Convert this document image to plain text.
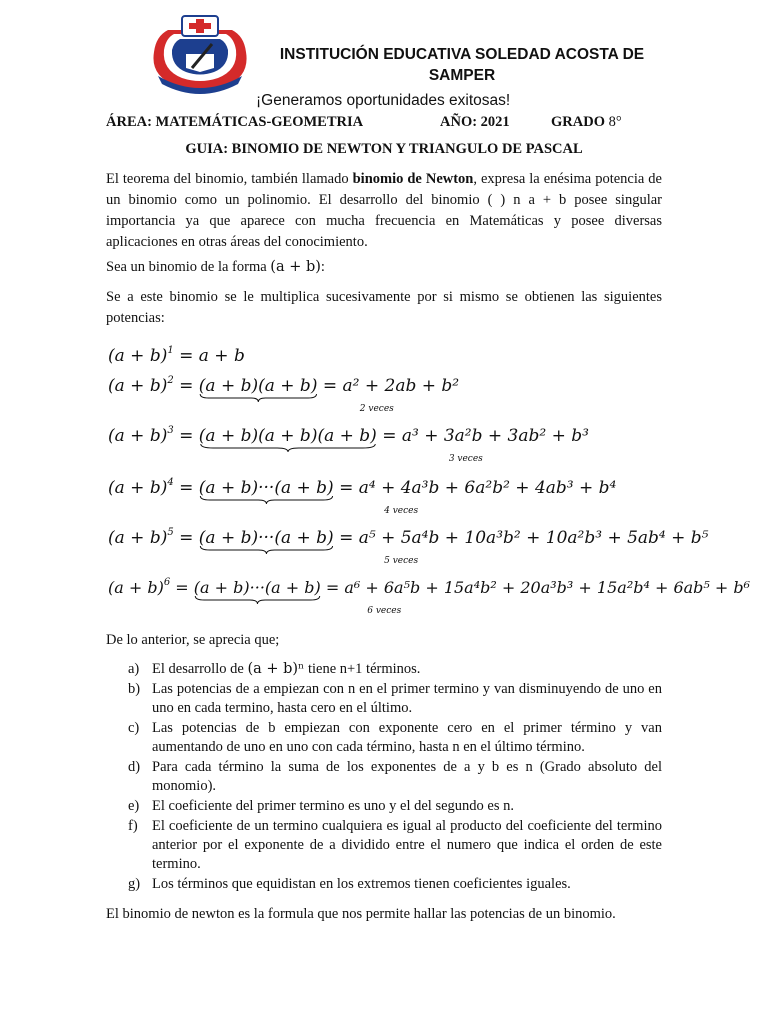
INSTITUCIÓN EDUCATIVA SOLEDAD ACOSTA DE
SAMPER
¡Generamos oportunidades exitosas!
ÁREA: MATEMÁTICAS-GEOMETRIA	AÑO: 2021	GRADO 8°
GUIA: BINOMIO DE NEWTON Y TRIANGULO DE PASCAL

El teorema del binomio, también llamado binomio de Newton, expresa la enésima potencia de un binomio como un polinomio. El desarrollo del binomio ( ) n a + b posee singular importancia ya que aparece con mucha frecuencia en Matemáticas y posee diversas aplicaciones en otras áreas del conocimiento.

Sea un binomio de la forma (a + b):

Se a este binomio se le multiplica sucesivamente por si mismo se obtienen las siguientes potencias:

$(a + b)^1 = a + b$
$(a + b)^2 = (a + b)(a + b)$
2 veces
= a² + 2ab + b²
$(a + b)^3 = (a + b)(a + b)(a + b)$
3 veces
= a³ + 3a²b + 3ab² + b³
$(a + b)^4 = (a + b)\cdot\cdot\cdot(a + b)$
4 veces
= a⁴ + 4a³b + 6a²b² + 4ab³ + b⁴
$(a + b)^5 = (a + b)\cdot\cdot\cdot(a + b)$
5 veces
= a⁵ + 5a⁴b + 10a³b² + 10a²b³ + 5ab⁴ + b⁵
$(a + b)^6 = (a + b)\cdot\cdot\cdot(a + b)$
6 veces
= a⁶ + 6a⁵b + 15a⁴b² + 20a³b³ + 15a²b⁴ + 6ab⁵ + b⁶

De lo anterior, se aprecia que;

a) El desarrollo de (a + b)ⁿ tiene n+1 términos.
b) Las potencias de a empiezan con n en el primer termino y van disminuyendo de uno en uno en cada termino, hasta cero en el último.
c) Las potencias de b empiezan con exponente cero en el primer término y van aumentando de uno en uno con cada término, hasta n en el último término.
d) Para cada término la suma de los exponentes de a y b es n (Grado absoluto del monomio).
e) El coeficiente del primer termino es uno y el del segundo es n.
f) El coeficiente de un termino cualquiera es igual al producto del coeficiente del termino anterior por el exponente de a dividido entre el numero que indica el orden de este termino.
g) Los términos que equidistan en los extremos tienen coeficientes iguales.

El binomio de newton es la formula que nos permite hallar las potencias de un binomio.
